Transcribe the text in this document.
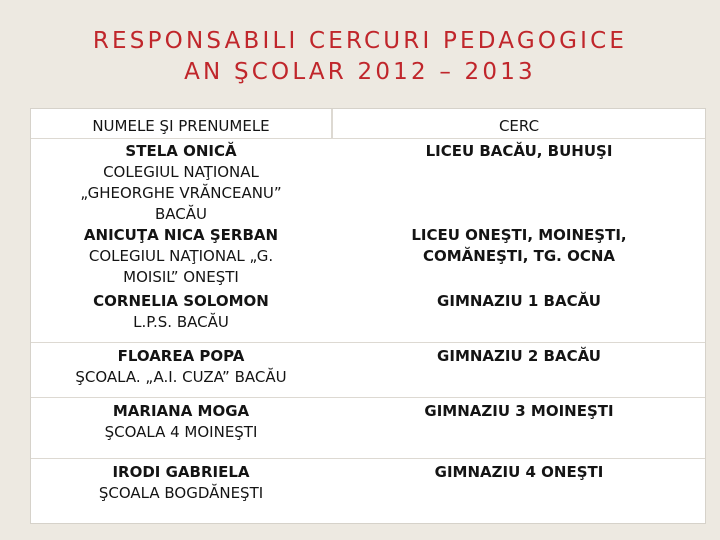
RESPONSABILI CERCURI PEDAGOGICE
AN ŞCOLAR 2012 – 2013
NUMELE ŞI PRENUMELE	CERC
STELA ONICĂ
COLEGIUL NAŢIONAL
„GHEORGHE VRĂNCEANU”
BACĂU
LICEU BACĂU, BUHUŞI
ANICUŢA NICA ŞERBAN
COLEGIUL NAŢIONAL „G.
MOISIL” ONEŞTI
LICEU ONEŞTI, MOINEŞTI,
COMĂNEŞTI, TG. OCNA
CORNELIA SOLOMON
L.P.S. BACĂU
GIMNAZIU 1 BACĂU
FLOAREA POPA
ŞCOALA. „A.I. CUZA” BACĂU
GIMNAZIU 2 BACĂU
MARIANA MOGA
ŞCOALA 4 MOINEŞTI
GIMNAZIU 3 MOINEŞTI
IRODI GABRIELA
ŞCOALA BOGDĂNEŞTI
GIMNAZIU 4 ONEŞTI
